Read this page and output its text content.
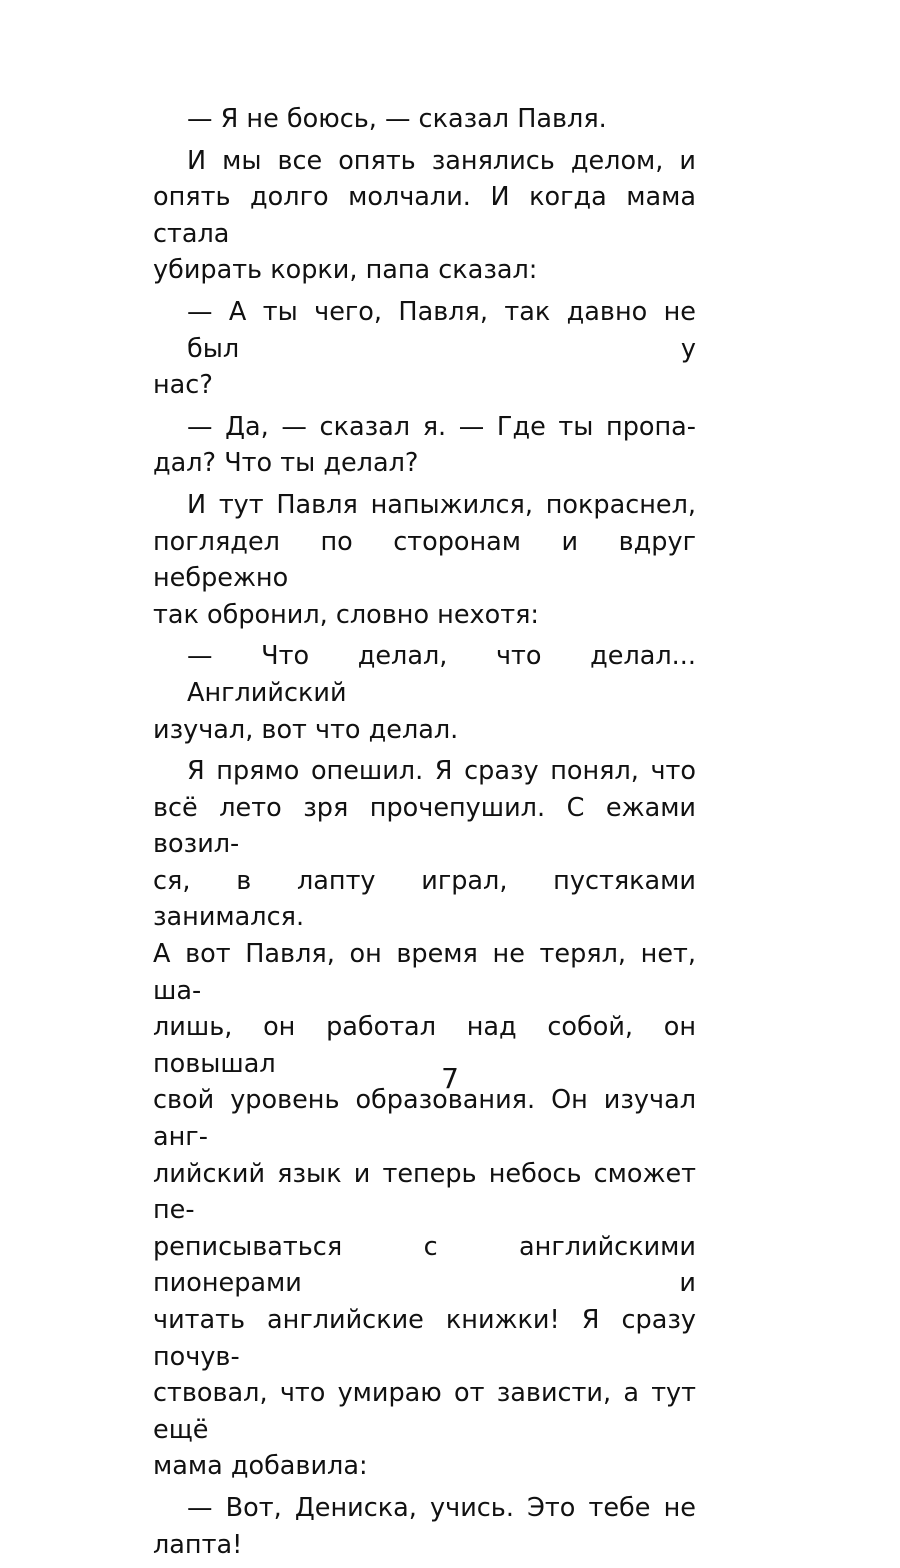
— Я не боюсь, — сказал Павля.
И мы все опять занялись делом, и
опять долго молчали. И когда мама стала
убирать корки, папа сказал:
— А ты чего, Павля, так давно не был у
нас?
— Да, — сказал я. — Где ты пропа-
дал? Что ты делал?
И тут Павля напыжился, покраснел,
поглядел по сторонам и вдруг небрежно
так обронил, словно нехотя:
— Что делал, что делал... Английский
изучал, вот что делал.
Я прямо опешил. Я сразу понял, что
всё лето зря прочепушил. С ежами возил-
ся, в лапту играл, пустяками занимался.
А вот Павля, он время не терял, нет, ша-
лишь, он работал над собой, он повышал
свой уровень образования. Он изучал анг-
лийский язык и теперь небось сможет пе-
реписываться с английскими пионерами и
читать английские книжки! Я сразу почув-
ствовал, что умираю от зависти, а тут ещё
мама добавила:
— Вот, Дениска, учись. Это тебе не
лапта!
7
